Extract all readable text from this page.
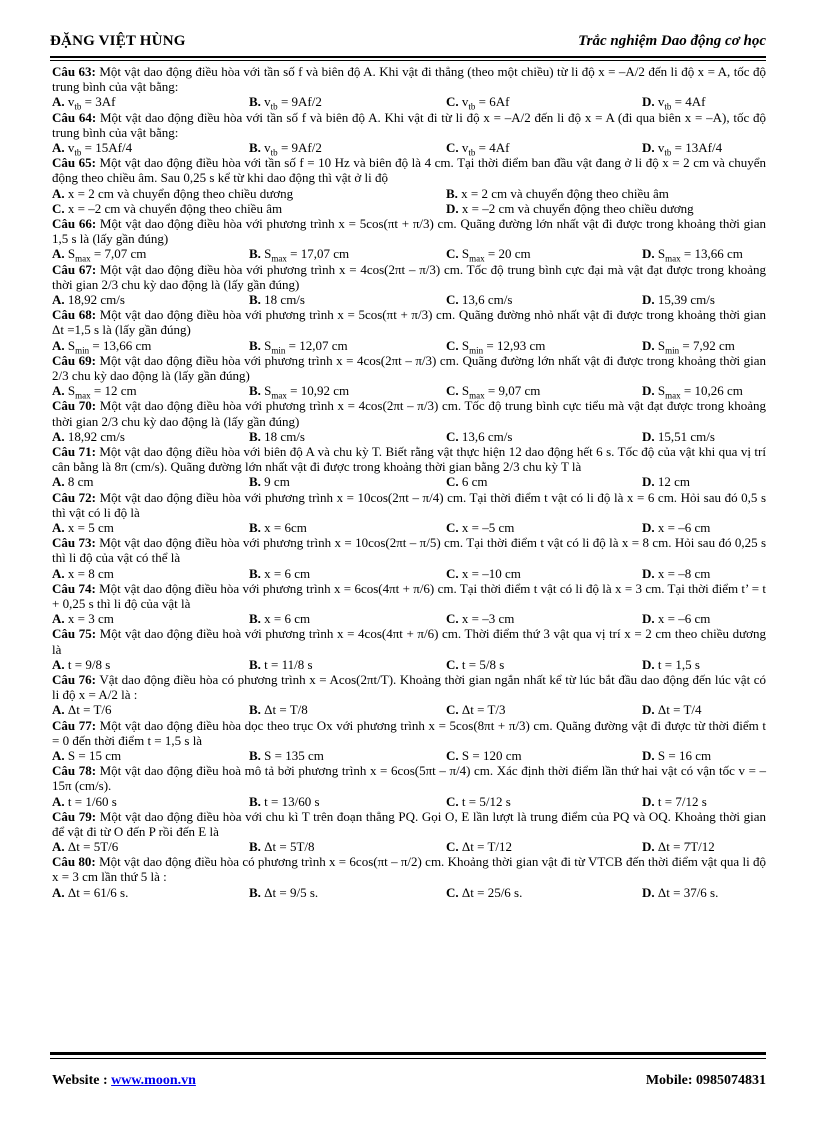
ĐẶNG VIỆT HÙNG	Trắc nghiệm Dao động cơ học
Câu 63: Một vật dao động điều hòa với tần số f và biên độ A. Khi vật đi thẳng (theo một chiều) từ li độ x = –A/2 đến li độ x = A, tốc độ trung bình của vật bằng:
A. $v_{tb} = 3Af$	B. $v_{tb} = 9Af/2$	C. $v_{tb} = 6Af$	D. $v_{tb} = 4Af$
Câu 64: Một vật dao động điều hòa với tần số f và biên độ A. Khi vật đi từ li độ x = –A/2 đến li độ x = A (đi qua biên x = –A), tốc độ trung bình của vật bằng:
A. $v_{tb} = 15Af/4$	B. $v_{tb} = 9Af/2$	C. $v_{tb} = 4Af$	D. $v_{tb} = 13Af/4$
Câu 65: Một vật dao động điều hòa với tần số f = 10 Hz và biên độ là 4 cm. Tại thời điểm ban đầu vật đang ở li độ x = 2 cm và chuyển động theo chiều âm. Sau 0,25 s kể từ khi dao động thì vật ở li độ
A. x = 2 cm và chuyển động theo chiều dương	B. x = 2 cm và chuyển động theo chiều âm
C. x = –2 cm và chuyển động theo chiều âm	D. x = –2 cm và chuyển động theo chiều dương
Câu 66: Một vật dao động điều hòa với phương trình x = 5cos(πt + π/3) cm. Quãng đường lớn nhất vật đi được trong khoảng thời gian 1,5 s là (lấy gần đúng)
A. $S_{max} = 7,07$ cm	B. $S_{max} = 17,07$ cm	C. $S_{max} = 20$ cm	D. $S_{max} = 13,66$ cm
Câu 67: Một vật dao động điều hòa với phương trình x = 4cos(2πt – π/3) cm. Tốc độ trung bình cực đại mà vật đạt được trong khoảng thời gian 2/3 chu kỳ dao động là (lấy gần đúng)
A. 18,92 cm/s	B. 18 cm/s	C. 13,6 cm/s	D. 15,39 cm/s
Câu 68: Một vật dao động điều hòa với phương trình x = 5cos(πt + π/3) cm. Quãng đường nhỏ nhất vật đi được trong khoảng thời gian Δt =1,5 s là (lấy gần đúng)
A. $S_{min} = 13,66$ cm	B. $S_{min} = 12,07$ cm	C. $S_{min} = 12,93$ cm	D. $S_{min} = 7,92$ cm
Câu 69: Một vật dao động điều hòa với phương trình x = 4cos(2πt – π/3) cm. Quãng đường lớn nhất vật đi được trong khoảng thời gian 2/3 chu kỳ dao động là (lấy gần đúng)
A. $S_{max} = 12$ cm	B. $S_{max} = 10,92$ cm	C. $S_{max} = 9,07$ cm	D. $S_{max} = 10,26$ cm
Câu 70: Một vật dao động điều hòa với phương trình x = 4cos(2πt – π/3) cm. Tốc độ trung bình cực tiểu mà vật đạt được trong khoảng thời gian 2/3 chu kỳ dao động là (lấy gần đúng)
A. 18,92 cm/s	B. 18 cm/s	C. 13,6 cm/s	D. 15,51 cm/s
Câu 71: Một vật dao động điều hòa với biên độ A và chu kỳ T. Biết rằng vật thực hiện 12 dao động hết 6 s. Tốc độ của vật khi qua vị trí cân bằng là 8π (cm/s). Quãng đường lớn nhất vật đi được trong khoảng thời gian bằng 2/3 chu kỳ T là
A. 8 cm	B. 9 cm	C. 6 cm	D. 12 cm
Câu 72: Một vật dao động điều hòa với phương trình x = 10cos(2πt – π/4) cm. Tại thời điểm t vật có li độ là x = 6 cm. Hỏi sau đó 0,5 s thì vật có li độ là
A. x = 5 cm	B. x = 6cm	C. x = –5 cm	D. x = –6 cm
Câu 73: Một vật dao động điều hòa với phương trình x = 10cos(2πt – π/5) cm. Tại thời điểm t vật có li độ là x = 8 cm. Hỏi sau đó 0,25 s thì li độ của vật có thể là
A. x = 8 cm	B. x = 6 cm	C. x = –10 cm	D. x = –8 cm
Câu 74: Một vật dao động điều hòa với phương trình x = 6cos(4πt + π/6) cm. Tại thời điểm t vật có li độ là x = 3 cm. Tại thời điểm t’ = t + 0,25 s thì li độ của vật là
A. x = 3 cm	B. x = 6 cm	C. x = –3 cm	D. x = –6 cm
Câu 75: Một vật dao động điều hoà với phương trình x = 4cos(4πt + π/6) cm. Thời điểm thứ 3 vật qua vị trí x = 2 cm theo chiều dương là
A. t = 9/8 s	B. t = 11/8 s	C. t = 5/8 s	D. t = 1,5 s
Câu 76: Vật dao động điều hòa có phương trình x = Acos(2πt/T). Khoảng thời gian ngắn nhất kể từ lúc bắt đầu dao động đến lúc vật có li độ x = A/2 là :
A. Δt = T/6	B. Δt = T/8	C. Δt = T/3	D. Δt = T/4
Câu 77: Một vật dao động điều hòa dọc theo trục Ox với phương trình x = 5cos(8πt + π/3) cm. Quãng đường vật đi được từ thời điểm t = 0 đến thời điểm t = 1,5 s là
A. S = 15 cm	B. S = 135 cm	C. S = 120 cm	D. S = 16 cm
Câu 78: Một vật dao động điều hoà mô tả bởi phương trình x = 6cos(5πt – π/4) cm. Xác định thời điểm lần thứ hai vật có vận tốc v = –15π (cm/s).
A. t = 1/60 s	B. t = 13/60 s	C. t = 5/12 s	D. t = 7/12 s
Câu 79: Một vật dao động điều hòa với chu kì T trên đoạn thẳng PQ. Gọi O, E lần lượt là trung điểm của PQ và OQ. Khoảng thời gian để vật đi từ O đến P rồi đến E là
A. Δt = 5T/6	B. Δt = 5T/8	C. Δt = T/12	D. Δt = 7T/12
Câu 80: Một vật dao động điều hòa có phương trình x = 6cos(πt – π/2) cm. Khoảng thời gian vật đi từ VTCB đến thời điểm vật qua li độ x = 3 cm lần thứ 5 là :
A. Δt = 61/6 s.	B. Δt = 9/5 s.	C. Δt = 25/6 s.	D. Δt = 37/6 s.
Website : www.moon.vn	Mobile: 0985074831
